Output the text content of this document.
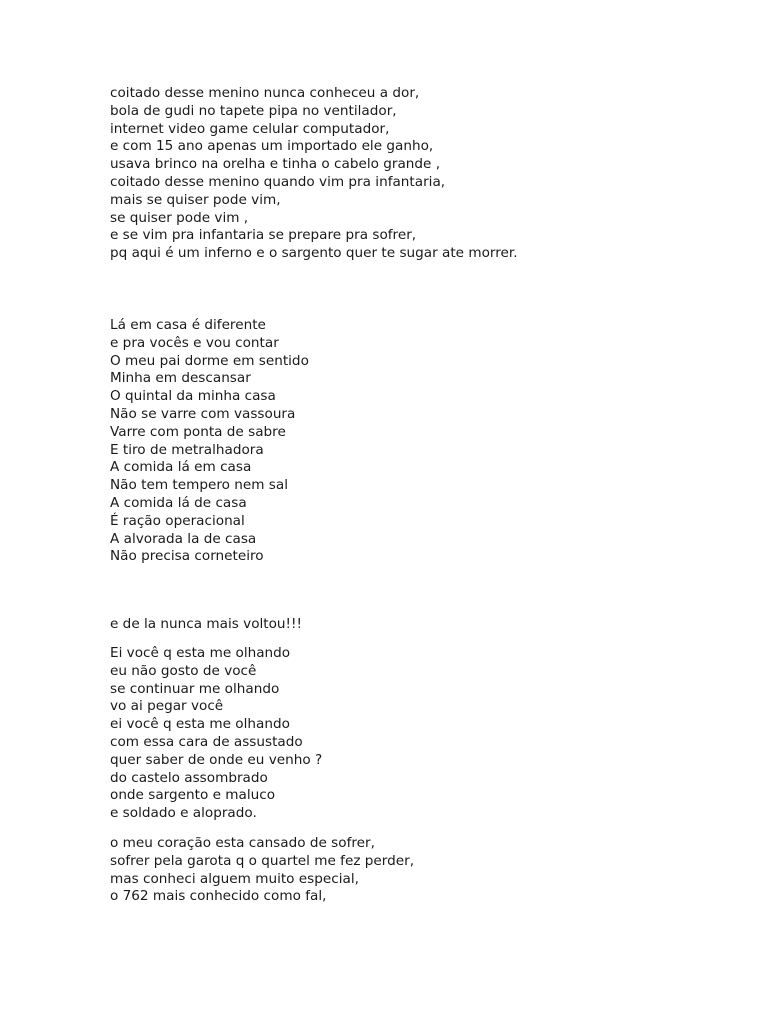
coitado desse menino nunca conheceu a dor,
bola de gudi no tapete pipa no ventilador,
internet video game celular computador,
e com 15 ano apenas um importado ele ganho,
usava brinco na orelha e tinha o cabelo grande ,
coitado desse menino quando vim pra infantaria,
mais se quiser pode vim,
se quiser pode vim ,
e se vim pra infantaria se prepare pra sofrer,
pq aqui é um inferno e o sargento quer te sugar ate morrer.
Lá em casa é diferente
e pra vocês e vou contar
O meu pai dorme em sentido
Minha em descansar
O quintal da minha casa
Não se varre com vassoura
Varre com ponta de sabre
E tiro de metralhadora
A comida lá em casa
Não tem tempero nem sal
A comida lá de casa
É ração operacional
A alvorada la de casa
Não precisa corneteiro
e de la nunca mais voltou!!!
Ei você q esta me olhando
eu não gosto de você
se continuar me olhando
vo ai pegar você
ei você q esta me olhando
com essa cara de assustado
quer saber de onde eu venho ?
do castelo assombrado
onde sargento e maluco
e soldado e aloprado.
o meu coração esta cansado de sofrer,
sofrer pela garota q o quartel me fez perder,
mas conheci alguem muito especial,
o 762 mais conhecido como fal,
